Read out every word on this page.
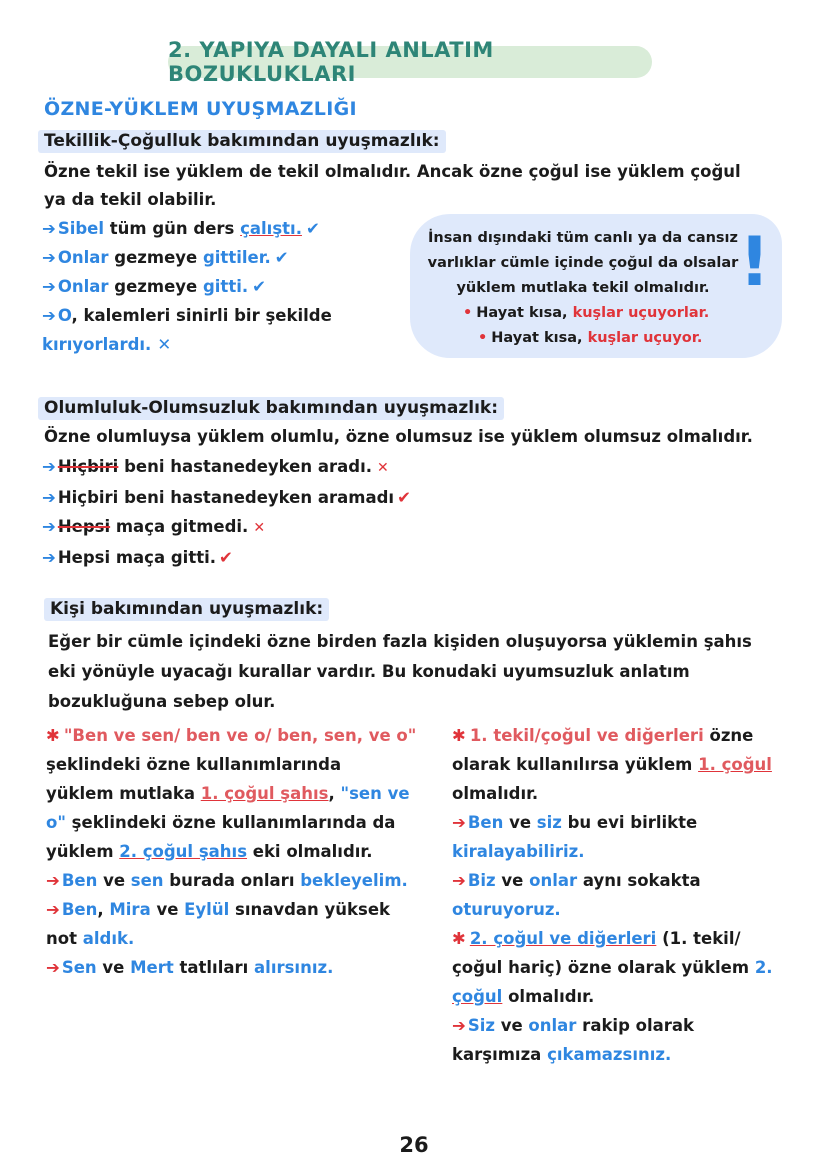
2. YAPIYA DAYALI ANLATIM BOZUKLUKLARI
ÖZNE-YÜKLEM UYUŞMAZLIĞI
Tekillik-Çoğulluk bakımından uyuşmazlık:
Özne tekil ise yüklem de tekil olmalıdır. Ancak özne çoğul ise yüklem çoğul
ya da tekil olabilir.
➔ Sibel tüm gün ders çalıştı. ✔
➔ Onlar gezmeye gittiler. ✔
➔ Onlar gezmeye gitti. ✔
➔ O, kalemleri sinirli bir şekilde
kırıyorlardı. ✕
İnsan dışındaki tüm canlı ya da cansız
varlıklar cümle içinde çoğul da olsalar
yüklem mutlaka tekil olmalıdır.
• Hayat kısa, kuşlar uçuyorlar.
• Hayat kısa, kuşlar uçuyor.
!
Olumluluk-Olumsuzluk bakımından uyuşmazlık:
Özne olumluysa yüklem olumlu, özne olumsuz ise yüklem olumsuz olmalıdır.
➔ Hiçbiri beni hastanedeyken aradı. ✕
➔ Hiçbiri beni hastanedeyken aramadı ✔
➔ Hepsi maça gitmedi. ✕
➔ Hepsi maça gitti. ✔
Kişi bakımından uyuşmazlık:
Eğer bir cümle içindeki özne birden fazla kişiden oluşuyorsa yüklemin şahıs
eki yönüyle uyacağı kurallar vardır. Bu konudaki uyumsuzluk anlatım
bozukluğuna sebep olur.
✱ "Ben ve sen/ ben ve o/ ben, sen, ve o"
şeklindeki özne kullanımlarında
yüklem mutlaka 1. çoğul şahıs, "sen ve
o" şeklindeki özne kullanımlarında da
yüklem 2. çoğul şahıs eki olmalıdır.
➔ Ben ve sen burada onları bekleyelim.
➔ Ben, Mira ve Eylül sınavdan yüksek
not aldık.
➔ Sen ve Mert tatlıları alırsınız.
✱ 1. tekil/çoğul ve diğerleri özne
olarak kullanılırsa yüklem 1. çoğul
olmalıdır.
➔ Ben ve siz bu evi birlikte
kiralayabiliriz.
➔ Biz ve onlar aynı sokakta
oturuyoruz.
✱ 2. çoğul ve diğerleri (1. tekil/
çoğul hariç) özne olarak yüklem 2.
çoğul olmalıdır.
➔ Siz ve onlar rakip olarak
karşımıza çıkamazsınız.
26
